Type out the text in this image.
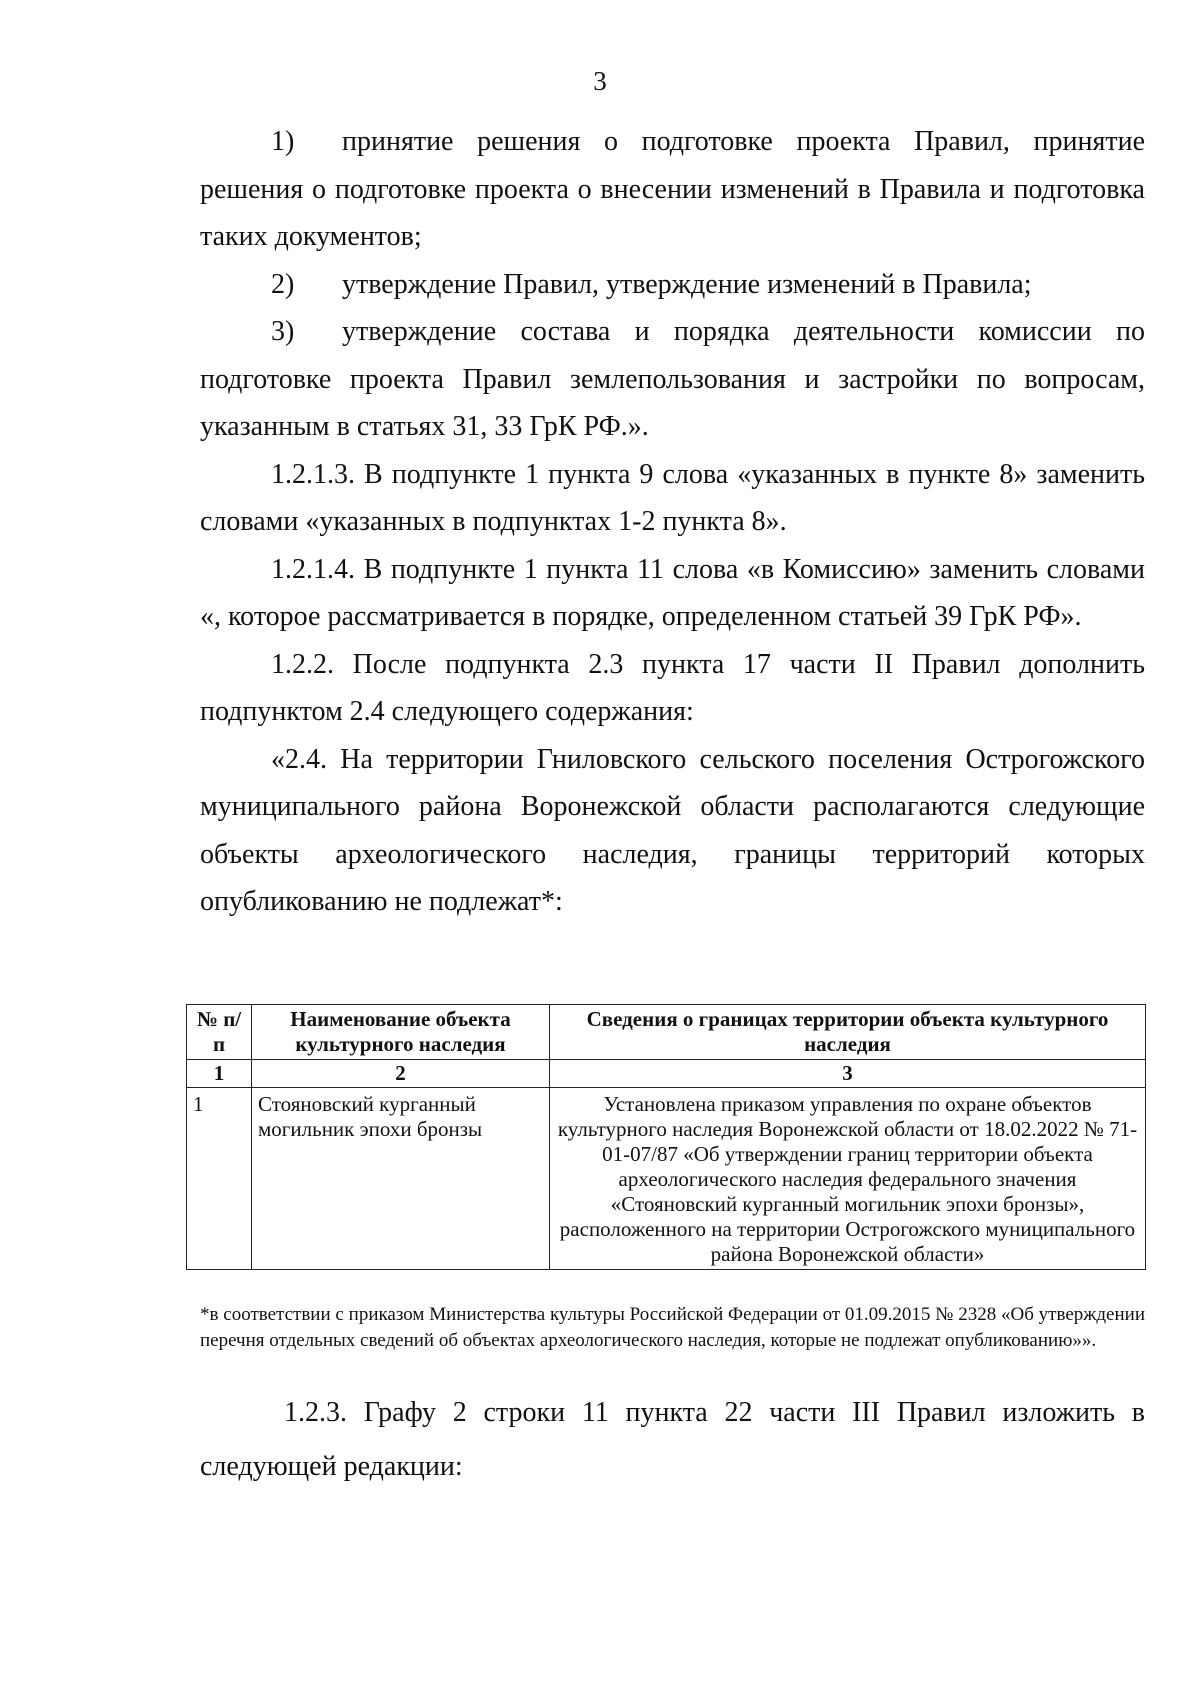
3
1)	принятие решения о подготовке проекта Правил, принятие
решения о подготовке проекта о внесении изменений в Правила и подготовка таких документов;
2)	утверждение Правил, утверждение изменений в Правила;
3)	утверждение состава и порядка деятельности комиссии по
подготовке проекта Правил землепользования и застройки по вопросам, указанным в статьях 31, 33 ГрК РФ.».

1.2.1.3. В подпункте 1 пункта 9 слова «указанных в пункте 8» заменить словами «указанных в подпунктах 1-2 пункта 8».

1.2.1.4. В подпункте 1 пункта 11 слова «в Комиссию» заменить словами «, которое рассматривается в порядке, определенном статьей 39 ГрК РФ».

1.2.2. После подпункта 2.3 пункта 17 части II Правил дополнить подпунктом 2.4 следующего содержания:

«2.4. На территории Гниловского сельского поселения Острогожского муниципального района Воронежской области располагаются следующие объекты археологического наследия, границы территорий которых опубликованию не подлежат*:

№ п/п	Наименование объекта культурного наследия	Сведения о границах территории объекта культурного наследия
1	2	3
1	Стояновский курганный могильник эпохи бронзы	Установлена приказом управления по охране объектов культурного наследия Воронежской области от 18.02.2022 № 71-01-07/87 «Об утверждении границ территории объекта археологического наследия федерального значения «Стояновский курганный могильник эпохи бронзы», расположенного на территории Острогожского муниципального района Воронежской области»
*в соответствии с приказом Министерства культуры Российской Федерации от 01.09.2015 № 2328 «Об утверждении перечня отдельных сведений об объектах археологического наследия, которые не подлежат опубликованию»».

1.2.3. Графу 2 строки 11 пункта 22 части III Правил изложить в

следующей редакции:
